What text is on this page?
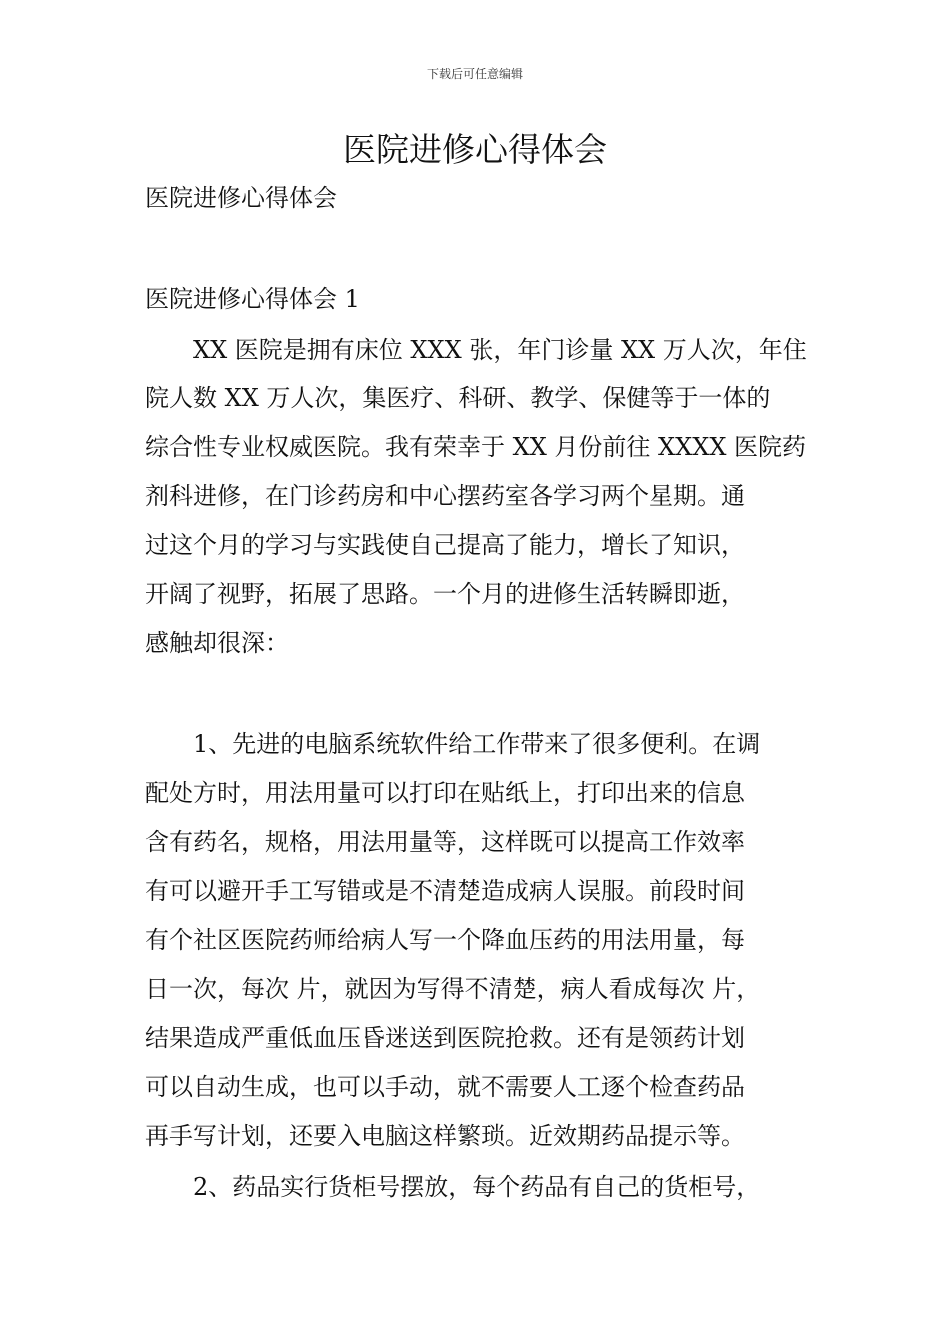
下载后可任意编辑
医院进修心得体会

医院进修心得体会

医院进修心得体会 1

XX 医院是拥有床位 XXX 张，年门诊量 XX 万人次，年住

院人数 XX 万人次，集医疗、科研、教学、保健等于一体的

综合性专业权威医院。我有荣幸于 XX 月份前往 XXXX 医院药

剂科进修，在门诊药房和中心摆药室各学习两个星期。通

过这个月的学习与实践使自己提高了能力，增长了知识，

开阔了视野，拓展了思路。一个月的进修生活转瞬即逝，

感触却很深：

1、先进的电脑系统软件给工作带来了很多便利。在调

配处方时，用法用量可以打印在贴纸上，打印出来的信息

含有药名，规格，用法用量等，这样既可以提高工作效率

有可以避开手工写错或是不清楚造成病人误服。前段时间

有个社区医院药师给病人写一个降血压药的用法用量，每

日一次，每次 片，就因为写得不清楚，病人看成每次 片，

结果造成严重低血压昏迷送到医院抢救。还有是领药计划

可以自动生成，也可以手动，就不需要人工逐个检查药品

再手写计划，还要入电脑这样繁琐。近效期药品提示等。

2、药品实行货柜号摆放，每个药品有自己的货柜号，
